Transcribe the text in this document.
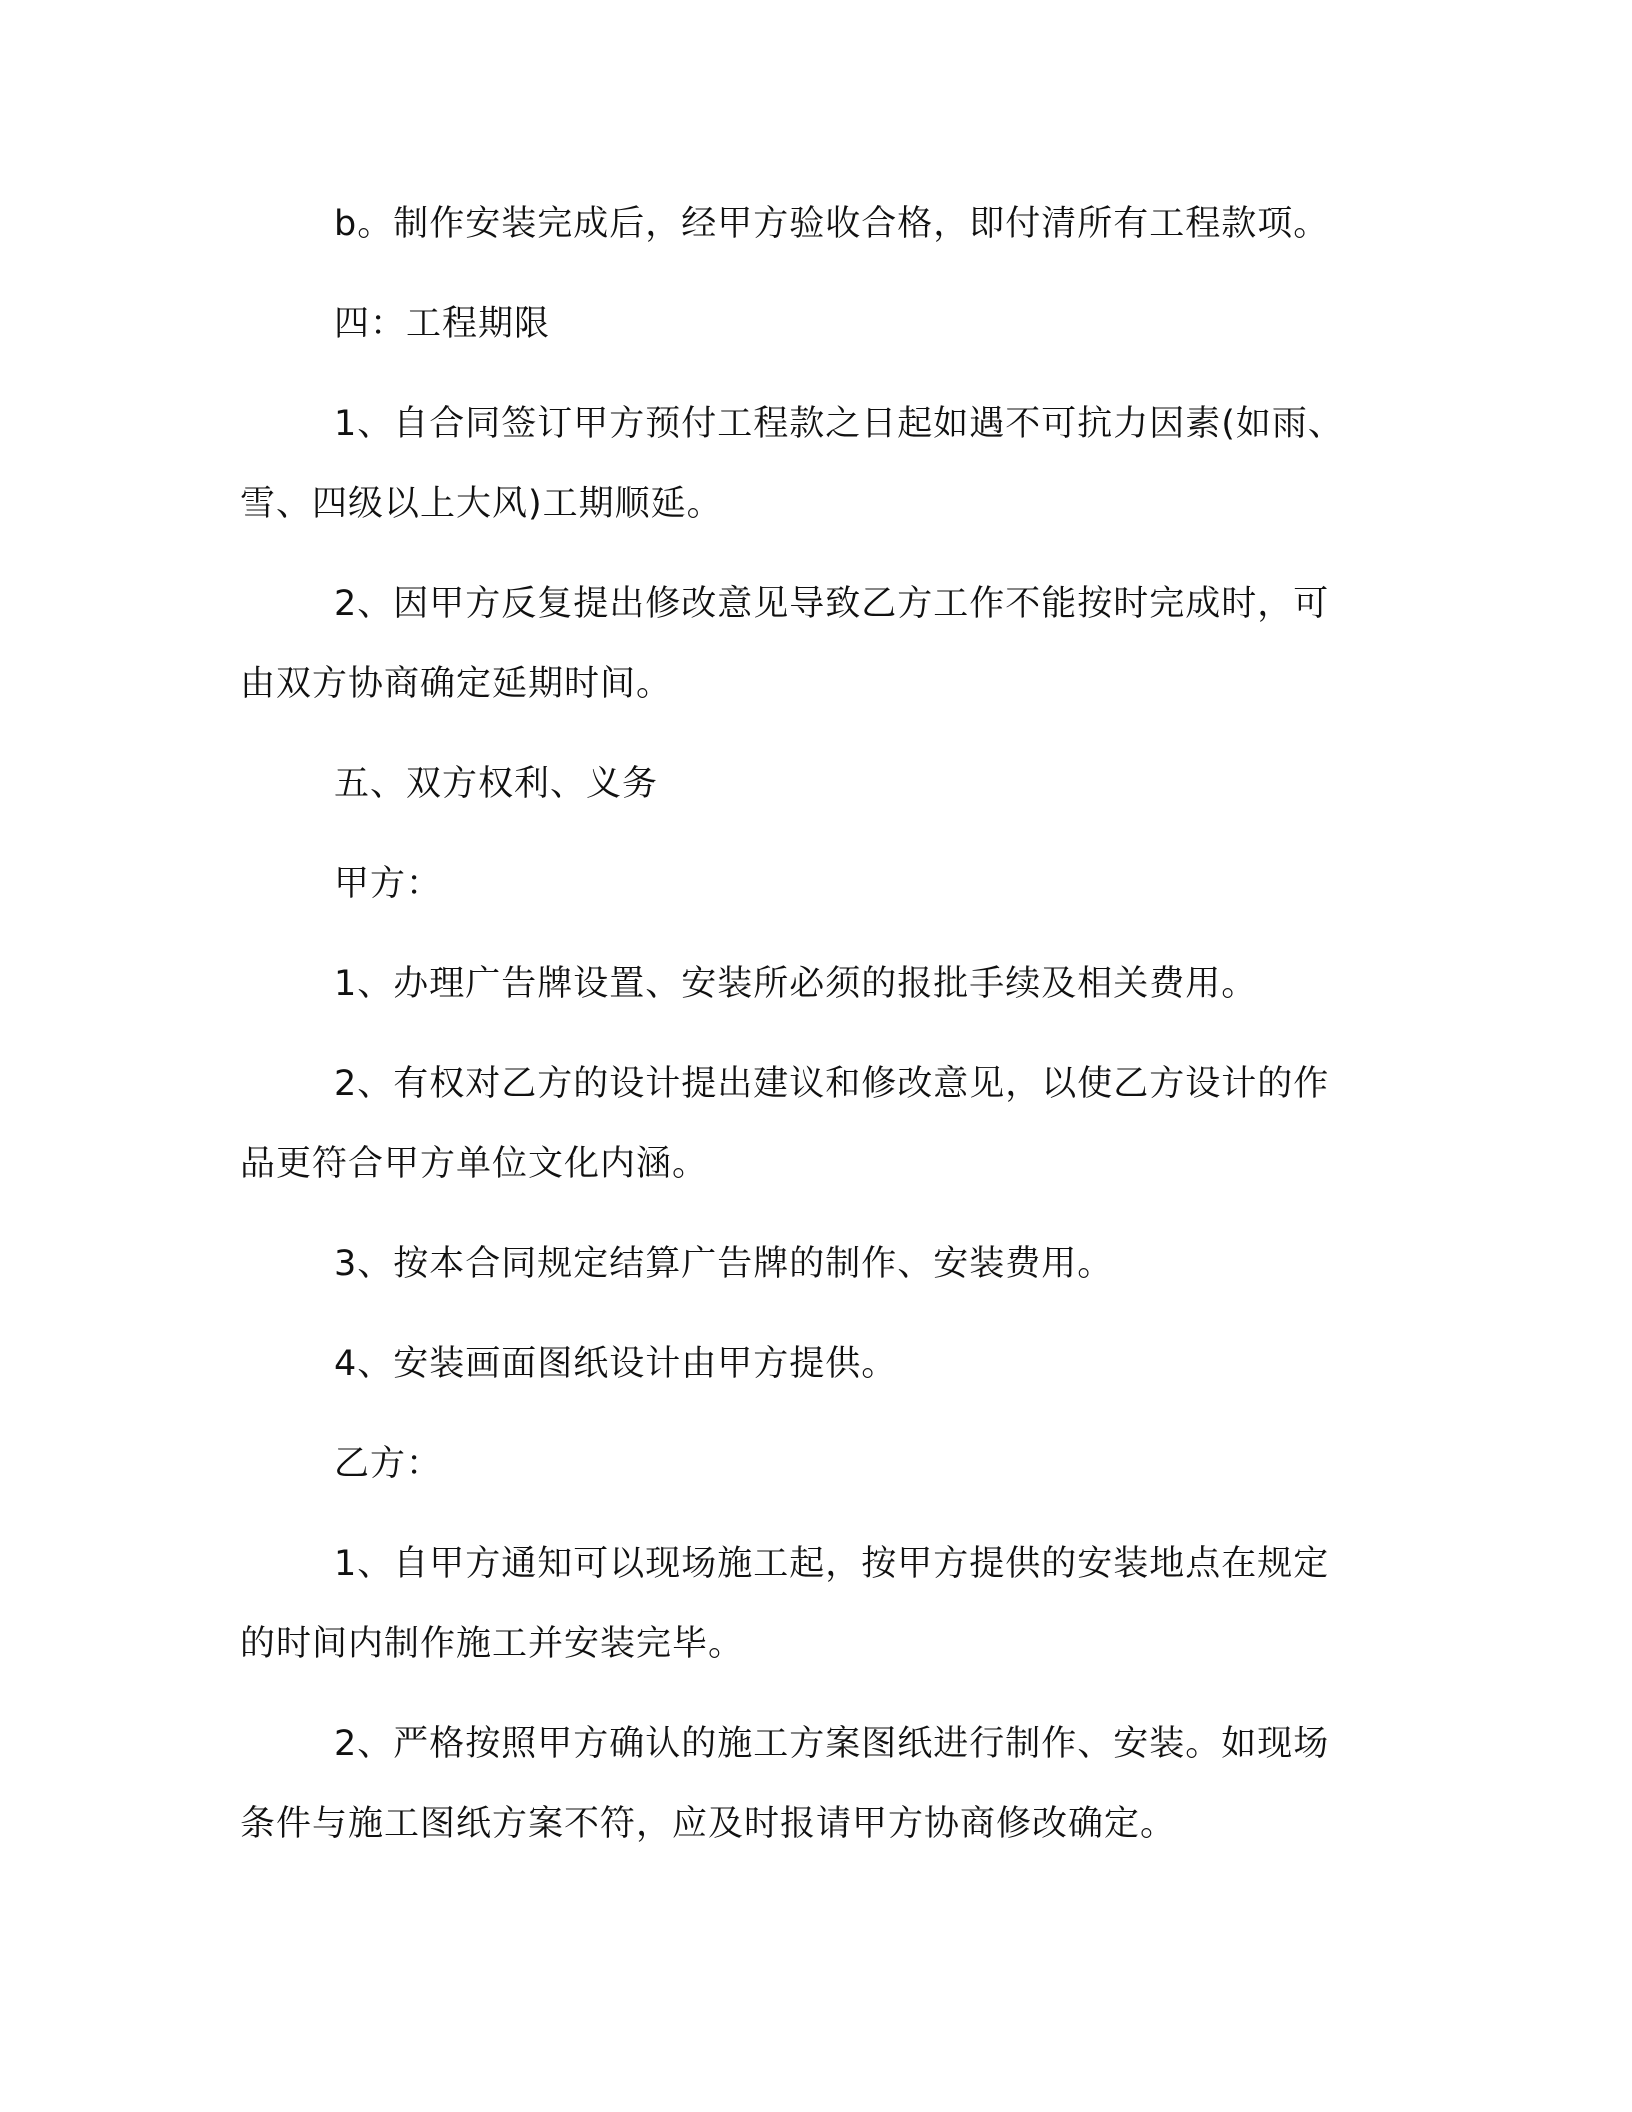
b。制作安装完成后，经甲方验收合格，即付清所有工程款项。

四：工程期限

1、自合同签订甲方预付工程款之日起如遇不可抗力因素(如雨、雪、四级以上大风)工期顺延。

2、因甲方反复提出修改意见导致乙方工作不能按时完成时，可由双方协商确定延期时间。

五、双方权利、义务

甲方：

1、办理广告牌设置、安装所必须的报批手续及相关费用。

2、有权对乙方的设计提出建议和修改意见，以使乙方设计的作品更符合甲方单位文化内涵。

3、按本合同规定结算广告牌的制作、安装费用。

4、安装画面图纸设计由甲方提供。

乙方：

1、自甲方通知可以现场施工起，按甲方提供的安装地点在规定的时间内制作施工并安装完毕。

2、严格按照甲方确认的施工方案图纸进行制作、安装。如现场条件与施工图纸方案不符，应及时报请甲方协商修改确定。
